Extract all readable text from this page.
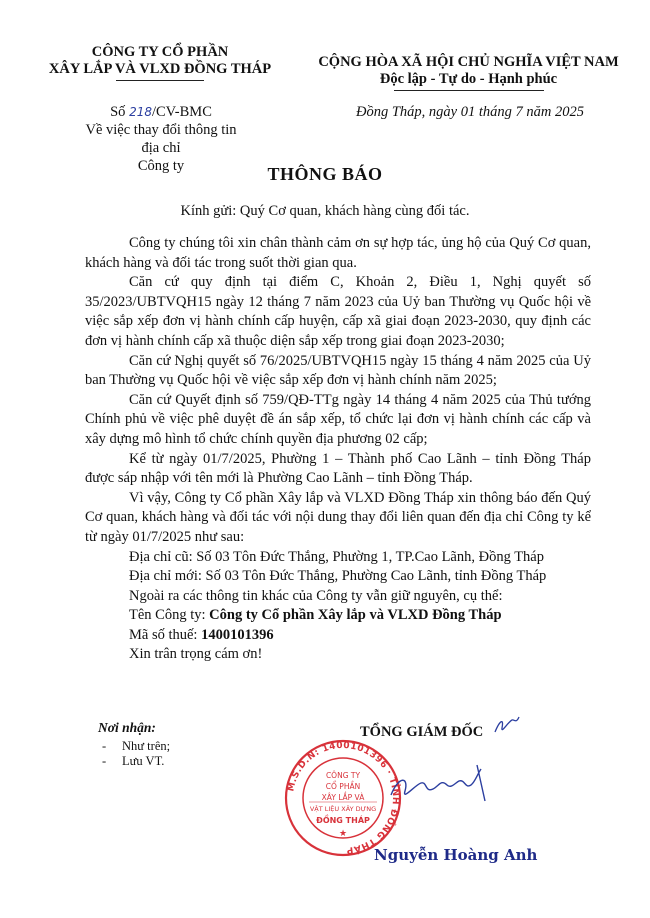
CÔNG TY CỔ PHẦN
XÂY LẮP VÀ VLXD ĐỒNG THÁP	CỘNG HÒA XÃ HỘI CHỦ NGHĨA VIỆT NAM
Độc lập - Tự do - Hạnh phúc
Số 218/CV-BMC
Về việc thay đổi thông tin địa chỉ
Công ty
Đồng Tháp, ngày 01 tháng 7 năm 2025
THÔNG BÁO
Kính gửi: Quý Cơ quan, khách hàng cùng đối tác.

Công ty chúng tôi xin chân thành cảm ơn sự hợp tác, ủng hộ của Quý Cơ quan, khách hàng và đối tác trong suốt thời gian qua.

Căn cứ quy định tại điểm C, Khoản 2, Điều 1, Nghị quyết số 35/2023/UBTVQH15 ngày 12 tháng 7 năm 2023 của Uỷ ban Thường vụ Quốc hội về việc sắp xếp đơn vị hành chính cấp huyện, cấp xã giai đoạn 2023-2030, quy định các đơn vị hành chính cấp xã thuộc diện sắp xếp trong giai đoạn 2023-2030;

Căn cứ Nghị quyết số 76/2025/UBTVQH15 ngày 15 tháng 4 năm 2025 của Uỷ ban Thường vụ Quốc hội về việc sắp xếp đơn vị hành chính năm 2025;

Căn cứ Quyết định số 759/QĐ-TTg ngày 14 tháng 4 năm 2025 của Thủ tướng Chính phủ về việc phê duyệt đề án sắp xếp, tổ chức lại đơn vị hành chính các cấp và xây dựng mô hình tổ chức chính quyền địa phương 02 cấp;

Kể từ ngày 01/7/2025, Phường 1 – Thành phố Cao Lãnh – tỉnh Đồng Tháp được sáp nhập với tên mới là Phường Cao Lãnh – tỉnh Đồng Tháp.

Vì vậy, Công ty Cổ phần Xây lắp và VLXD Đồng Tháp xin thông báo đến Quý Cơ quan, khách hàng và đối tác với nội dung thay đổi liên quan đến địa chỉ Công ty kể từ ngày 01/7/2025 như sau:

Địa chỉ cũ: Số 03 Tôn Đức Thắng, Phường 1, TP.Cao Lãnh, Đồng Tháp

Địa chỉ mới: Số 03 Tôn Đức Thắng, Phường Cao Lãnh, tỉnh Đồng Tháp

Ngoài ra các thông tin khác của Công ty vẫn giữ nguyên, cụ thể:

Tên Công ty: Công ty Cổ phần Xây lắp và VLXD Đồng Tháp

Mã số thuế: 1400101396

Xin trân trọng cám ơn!

Nơi nhận:
- Như trên;
- Lưu VT.
TỔNG GIÁM ĐỐC
M.S.D.N: 1400101396 · TỈNH ĐỒNG THÁP
CÔNG TY
CỔ PHẦN
XÂY LẮP VÀ
VẬT LIỆU XÂY DỰNG
ĐỒNG THÁP
★
Nguyễn Hoàng Anh
